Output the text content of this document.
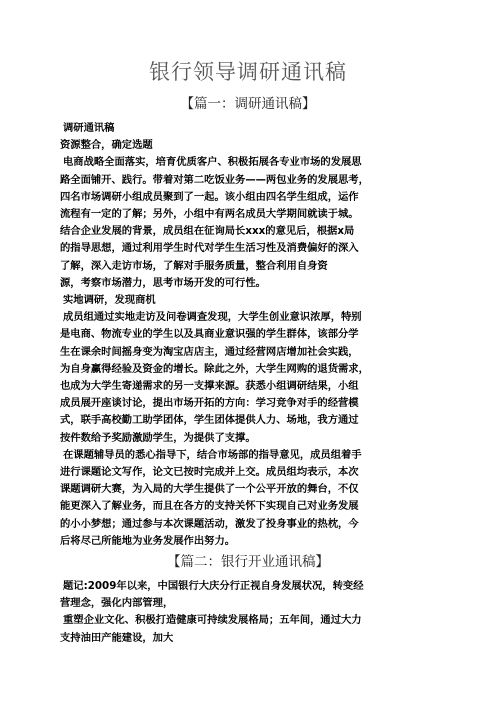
银行领导调研通讯稿
【篇一：调研通讯稿】

调研通讯稿

资源整合，确定选题

电商战略全面落实，培育优质客户、积极拓展各专业市场的发展思

路全面铺开、践行。带着对第二吃饭业务——两包业务的发展思考，

四名市场调研小组成员聚到了一起。该小组由四名学生组成，运作

流程有一定的了解；另外，小组中有两名成员大学期间就读于城。

结合企业发展的背景，成员组在征询局长xxx的意见后，根据x局

的指导思想，通过利用学生时代对学生生活习性及消费偏好的深入

了解，深入走访市场，了解对手服务质量，整合利用自身资

源，考察市场潜力，思考市场开发的可行性。

实地调研，发现商机

成员组通过实地走访及问卷调查发现，大学生创业意识浓厚，特别

是电商、物流专业的学生以及具商业意识强的学生群体，该部分学

生在课余时间摇身变为淘宝店店主，通过经营网店增加社会实践，

为自身赢得经验及资金的增长。除此之外，大学生网购的退货需求，

也成为大学生寄递需求的另一支撑来源。获悉小组调研结果，小组

成员展开座谈讨论，提出市场开拓的方向：学习竞争对手的经营模

式，联手高校勤工助学团体，学生团体提供人力、场地，我方通过

按件数给予奖励激励学生，为提供了支撑。

在课题辅导员的悉心指导下，结合市场部的指导意见，成员组着手

进行课题论文写作，论文已按时完成并上交。成员组均表示，本次

课题调研大赛，为入局的大学生提供了一个公平开放的舞台，不仅

能更深入了解业务，而且在各方的支持关怀下实现自己对业务发展

的小小梦想；通过参与本次课题活动，激发了投身事业的热枕，今

后将尽己所能地为业务发展作出努力。

【篇二：银行开业通讯稿】

题记:2009年以来，中国银行大庆分行正视自身发展状况，转变经

营理念，强化内部管理，

重塑企业文化、积极打造健康可持续发展格局；五年间，通过大力

支持油田产能建设，加大
